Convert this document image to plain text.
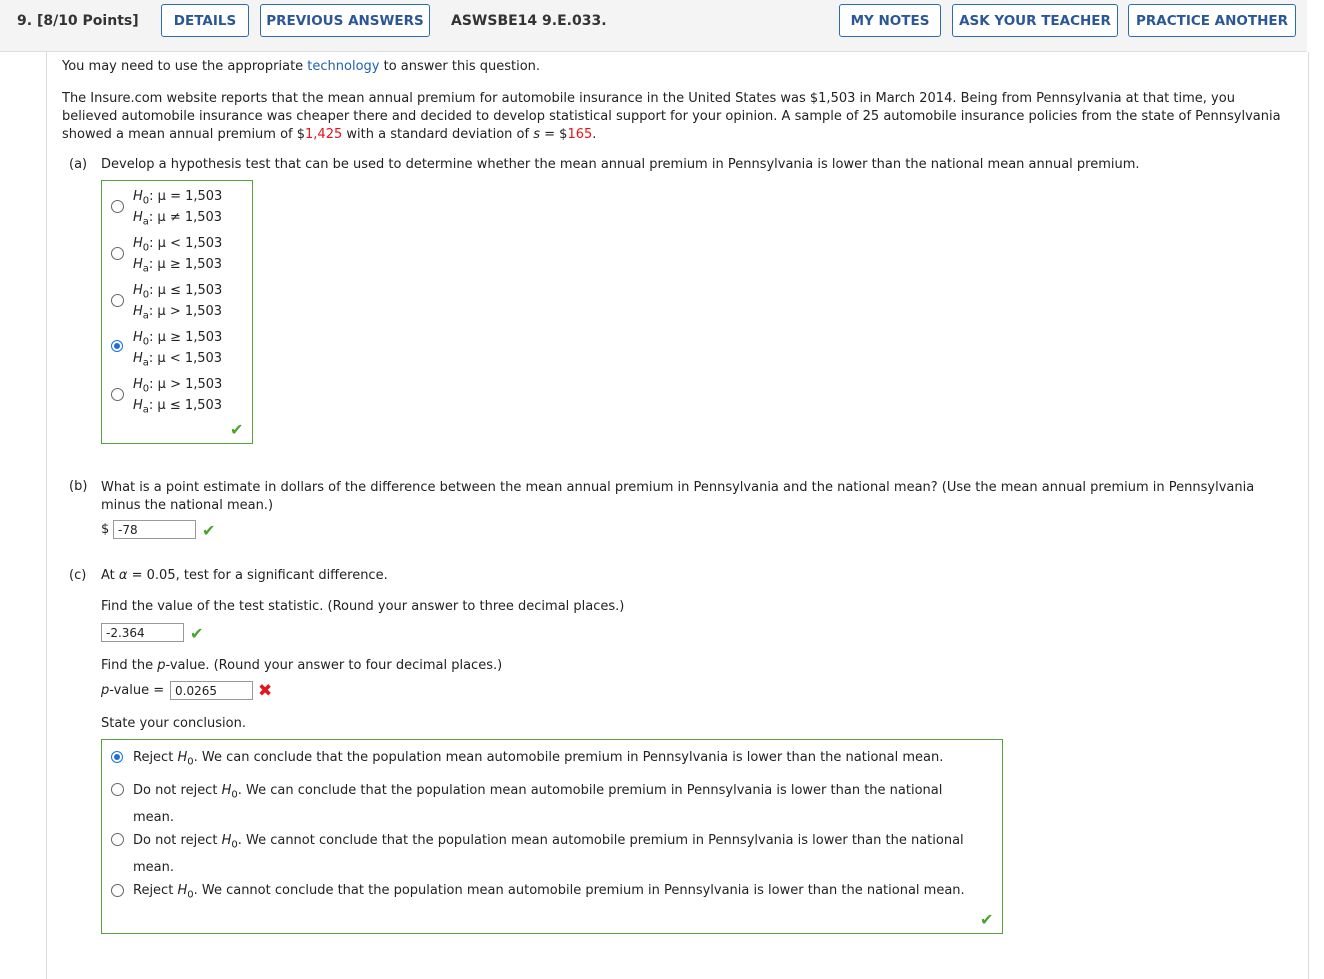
9. [8/10 Points]	DETAILS	PREVIOUS ANSWERS	ASWSBE14 9.E.033.	MY NOTES	ASK YOUR TEACHER	PRACTICE ANOTHER
You may need to use the appropriate technology to answer this question.
The Insure.com website reports that the mean annual premium for automobile insurance in the United States was $1,503 in March 2014. Being from Pennsylvania at that time, you
believed automobile insurance was cheaper there and decided to develop statistical support for your opinion. A sample of 25 automobile insurance policies from the state of Pennsylvania
showed a mean annual premium of $1,425 with a standard deviation of s = $165.
(a) Develop a hypothesis test that can be used to determine whether the mean annual premium in Pennsylvania is lower than the national mean annual premium.
$H_0$: μ = 1,503
$H_a$: μ ≠ 1,503
$H_0$: μ < 1,503
$H_a$: μ ≥ 1,503
$H_0$: μ ≤ 1,503
$H_a$: μ > 1,503
$H_0$: μ ≥ 1,503
$H_a$: μ < 1,503
$H_0$: μ > 1,503
$H_a$: μ ≤ 1,503
✔
(b) What is a point estimate in dollars of the difference between the mean annual premium in Pennsylvania and the national mean? (Use the mean annual premium in Pennsylvania
minus the national mean.)
$ -78	✔
(c) At α = 0.05, test for a significant difference.
Find the value of the test statistic. (Round your answer to three decimal places.)
-2.364	✔
Find the p-value. (Round your answer to four decimal places.)
p-value = 0.0265	✖
State your conclusion.
Reject $H_0$. We can conclude that the population mean automobile premium in Pennsylvania is lower than the national mean.
Do not reject $H_0$. We can conclude that the population mean automobile premium in Pennsylvania is lower than the national
mean.
Do not reject $H_0$. We cannot conclude that the population mean automobile premium in Pennsylvania is lower than the national
mean.
Reject $H_0$. We cannot conclude that the population mean automobile premium in Pennsylvania is lower than the national mean.
✔
